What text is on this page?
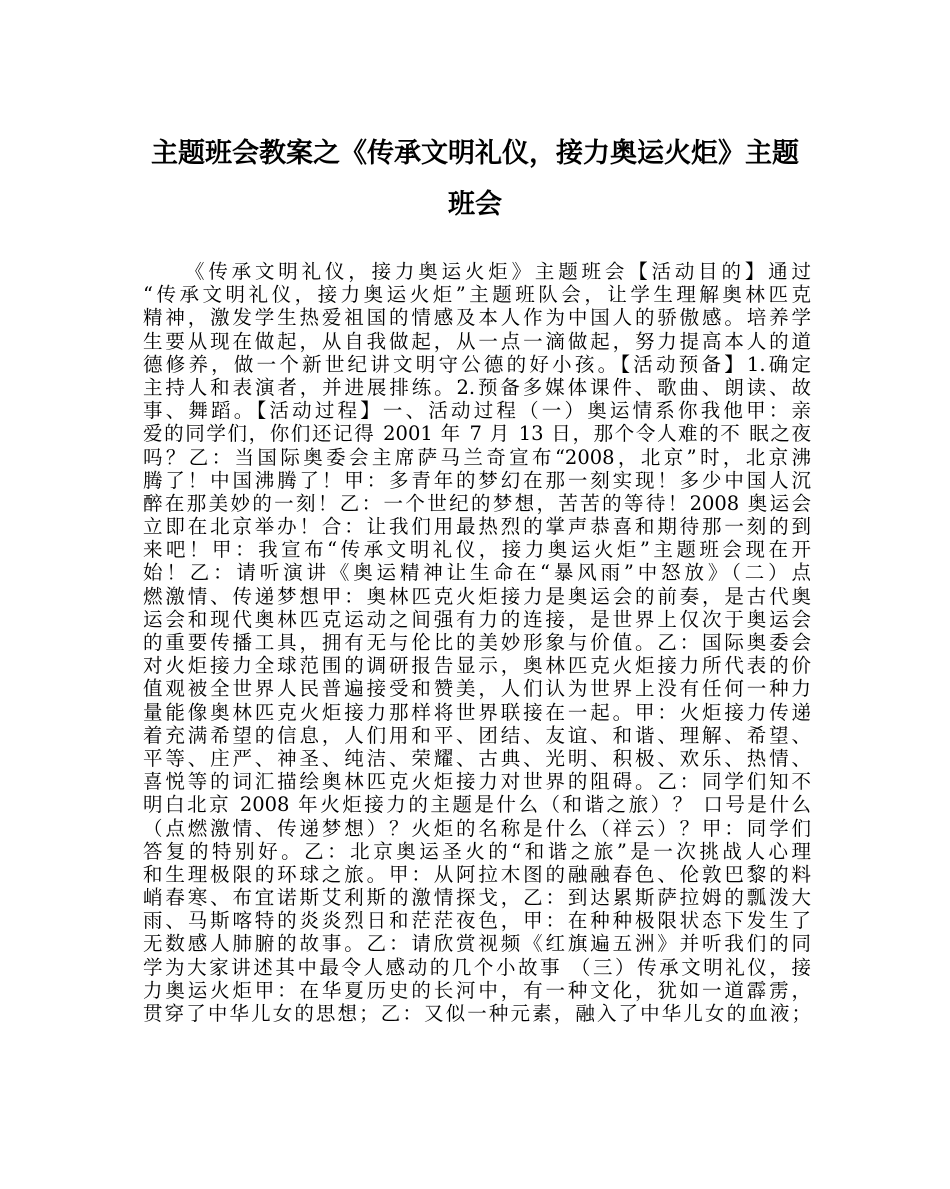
主题班会教案之《传承文明礼仪，接力奥运火炬》主题
班会
《传承文明礼仪，接力奥运火炬》主题班会【活动目的】通过
“传承文明礼仪，接力奥运火炬”主题班队会，让学生理解奥林匹克
精神，激发学生热爱祖国的情感及本人作为中国人的骄傲感。培养学
生要从现在做起，从自我做起，从一点一滴做起，努力提高本人的道
德修养，做一个新世纪讲文明守公德的好小孩。【活动预备】1.确定
主持人和表演者，并进展排练。2.预备多媒体课件、歌曲、朗读、故
事、舞蹈。【活动过程】一、活动过程（一）奥运情系你我他甲：亲
爱的同学们，你们还记得 2001 年 7 月 13 日，那个令人难的不 眠之夜
吗？乙：当国际奥委会主席萨马兰奇宣布“2008，北京”时，北京沸
腾了！中国沸腾了！甲：多青年的梦幻在那一刻实现！多少中国人沉
醉在那美妙的一刻！乙：一个世纪的梦想，苦苦的等待！2008 奥运会
立即在北京举办！合：让我们用最热烈的掌声恭喜和期待那一刻的到
来吧！甲：我宣布“传承文明礼仪，接力奥运火炬”主题班会现在开
始！乙：请听演讲《奥运精神让生命在“暴风雨”中怒放》（二）点
燃激情、传递梦想甲：奥林匹克火炬接力是奥运会的前奏，是古代奥
运会和现代奥林匹克运动之间强有力的连接，是世界上仅次于奥运会
的重要传播工具，拥有无与伦比的美妙形象与价值。乙：国际奥委会
对火炬接力全球范围的调研报告显示，奥林匹克火炬接力所代表的价
值观被全世界人民普遍接受和赞美，人们认为世界上没有任何一种力
量能像奥林匹克火炬接力那样将世界联接在一起。甲：火炬接力传递
着充满希望的信息，人们用和平、团结、友谊、和谐、理解、希望、
平等、庄严、神圣、纯洁、荣耀、古典、光明、积极、欢乐、热情、
喜悦等的词汇描绘奥林匹克火炬接力对世界的阻碍。乙：同学们知不
明白北京 2008 年火炬接力的主题是什么（和谐之旅）？ 口号是什么
（点燃激情、传递梦想）？火炬的名称是什么（祥云）？甲：同学们
答复的特别好。乙：北京奥运圣火的“和谐之旅”是一次挑战人心理
和生理极限的环球之旅。甲：从阿拉木图的融融春色、伦敦巴黎的料
峭春寒、布宜诺斯艾利斯的激情探戈，乙：到达累斯萨拉姆的瓢泼大
雨、马斯喀特的炎炎烈日和茫茫夜色，甲：在种种极限状态下发生了
无数感人肺腑的故事。乙：请欣赏视频《红旗遍五洲》并听我们的同
学为大家讲述其中最令人感动的几个小故事 （三）传承文明礼仪，接
力奥运火炬甲：在华夏历史的长河中，有一种文化，犹如一道霹雳，
贯穿了中华儿女的思想；乙：又似一种元素，融入了中华儿女的血液；
